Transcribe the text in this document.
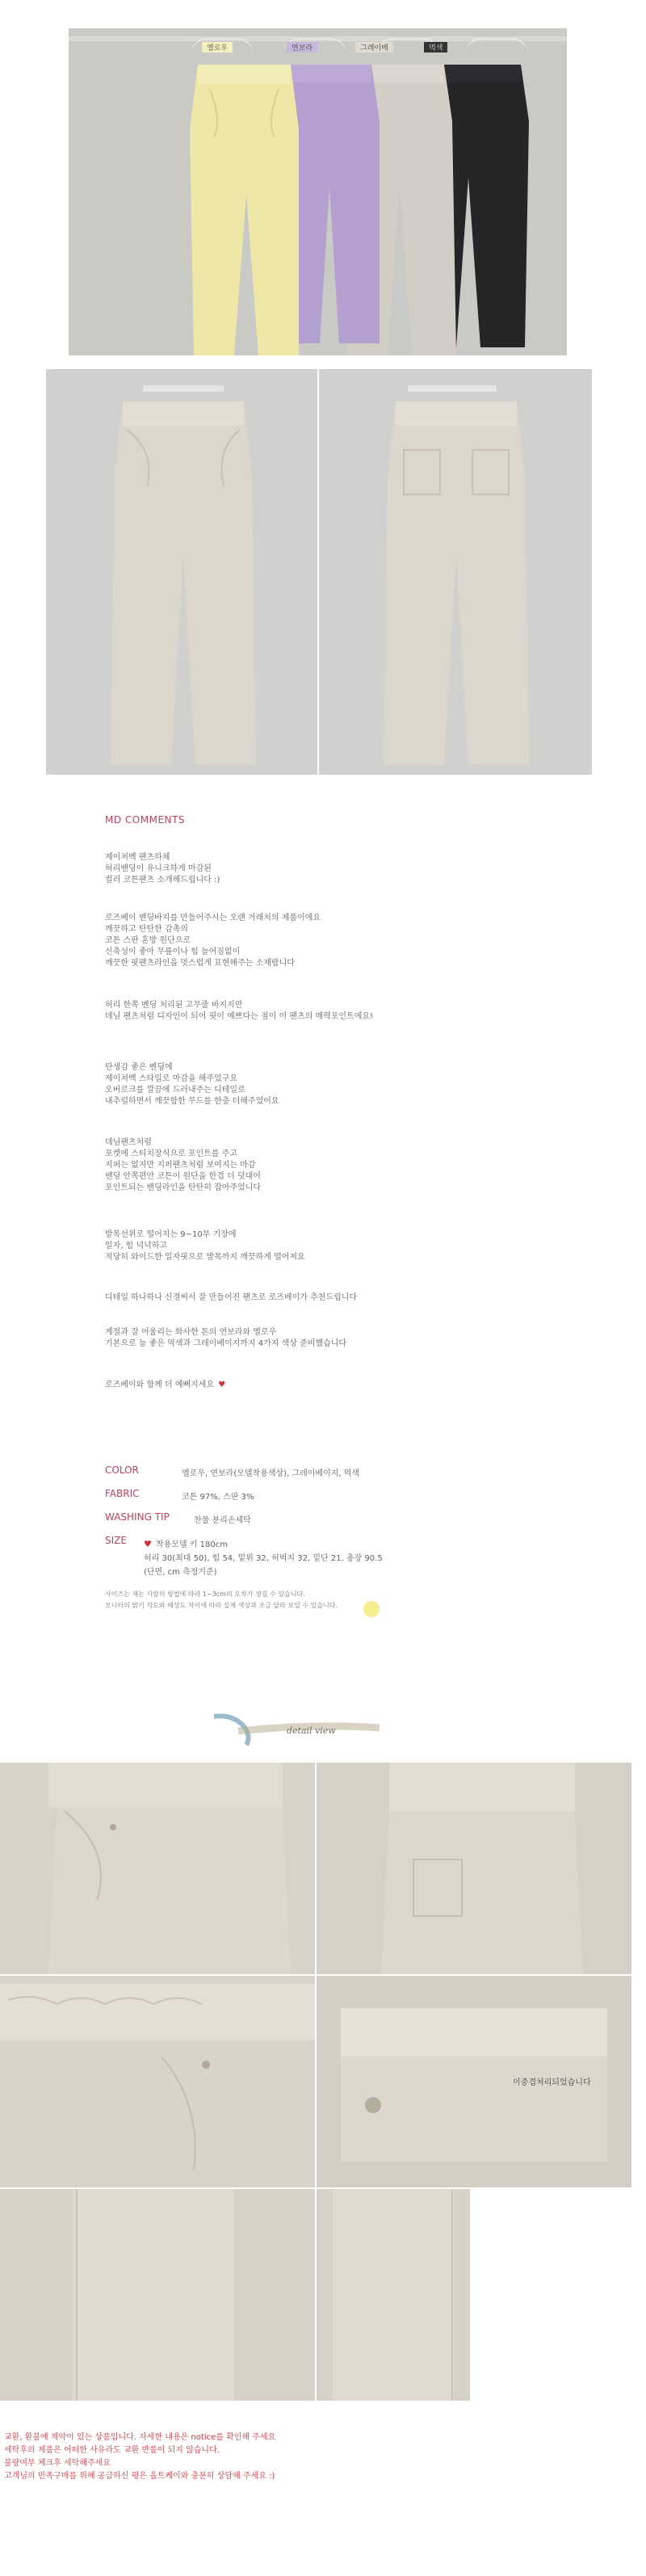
옐로우	연보라	그레이베	먹색
MD COMMENTS
제이쳐벡 팬츠하체
허리밴딩이 유니크하게 마감된
컬러 코튼팬츠 소개해드립니다 :)
로즈베이 밴딩바지를 만들어주시는 오랜 거래처의 제품이에요
깨끗하고 탄탄한 감촉의
코튼 스판 혼방 원단으로
신축성이 좋아 무릎이나 힙 늘어짐없이
깨끗한 핏팬츠라인을 멋스럽게 표현해주는 소재랍니다
허리 한쪽 벤딩 처리된 고무줄 바지지만
데님 팬츠처럼 디자인이 되어 핏이 예쁘다는 점이 이 팬츠의 매력포인트에요!
탄생감 좋은 벤딩에
제이쳐벡 스타일로 마감을 해주었구요
오버로크를 깔끔에 드러내주는 디테일로
내추럴하면서 깨끗함한 무드를 한층 더해주었어요
데님팬츠처럼
포켓에 스티치장식으로 포인트를 주고
지퍼는 없지만 지퍼팬츠처럼 보여지는 마감
밴딩 안쪽편안 코튼이 원단을 한겹 더 덧대어
포인트되는 밴딩라인을 탄탄히 잡아주었니다
발목선위로 떨어지는 9~10부 기장에
일자, 힘 넉넉하고
적당히 와이드한 일자핏으로 발목까지 깨끗하게 떨어져요
디테일 하나하나 신경써서 잘 만들어진 팬츠로 로즈베이가 추천드립니다
계절과 잘 어울리는 화사한 톤의 연보라와 옐로우
기본으로 늘 좋은 먹색과 그레이베이지까지 4가지 색상 준비했습니다
로즈베이와 함께 더 예뻐지세요 ♥
COLOR	옐로우, 연보라(모델착용색상), 그레이베이지, 먹색
FABRIC	코튼 97%, 스판 3%
WASHING TIP	찬물 분리손세탁
SIZE ♥ 착용모델 키 180cm
허리 30(최대 50), 힙 54, 밑위 32, 허벅지 32, 밑단 21, 총장 90.5
(단면, cm 측정기준)
사이즈는 재는 사람의 방법에 따라 1~3cm의 오차가 생길 수 있습니다.
모니터의 밝기 각도와 해상도 차이에 따라 실제 색상과 조금 달라 보일 수 있습니다.
detail view
이중겹처리되었습니다
교환, 환불에 제약이 있는 상품입니다. 자세한 내용은 notice를 확인해 주세요
세탁후의 제품은 어떠한 사유라도 교환 반품이 되지 않습니다.
불량여부 체크후 세탁해주세요
고객님의 만족구매를 위해 공급하신 평은 옵트케이와 충분히 상담해 주세요 :)
